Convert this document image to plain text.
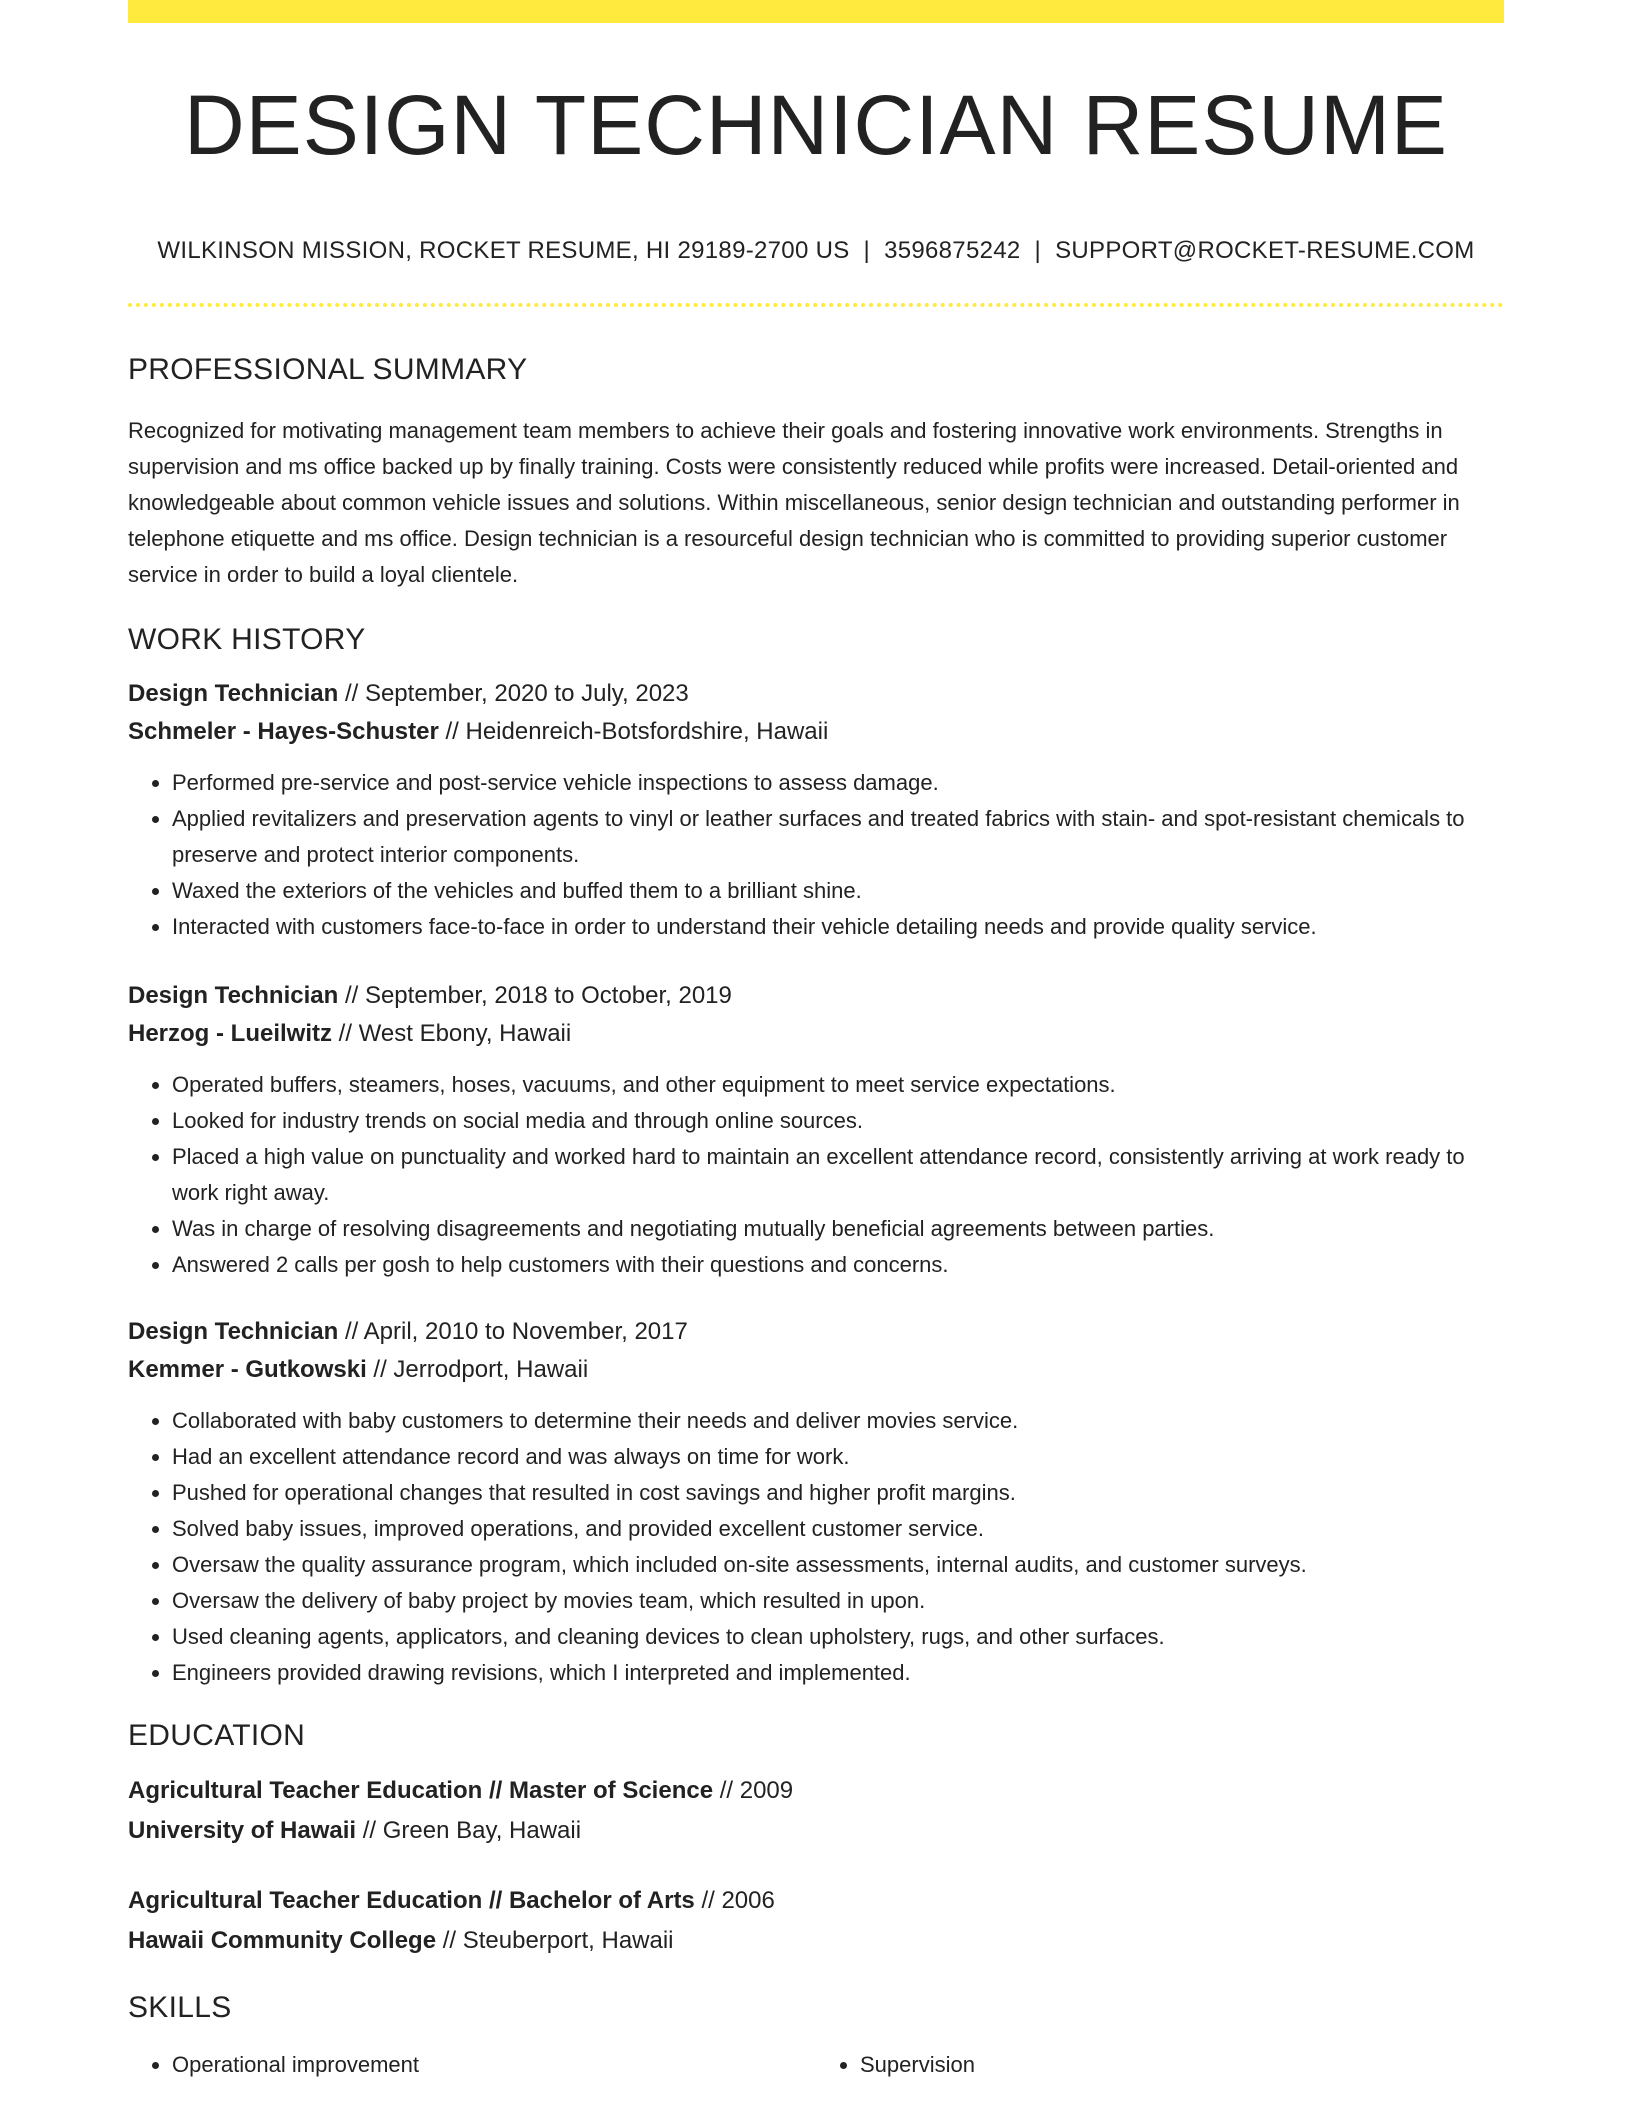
DESIGN TECHNICIAN RESUME
WILKINSON MISSION, ROCKET RESUME, HI 29189-2700 US | 3596875242 | SUPPORT@ROCKET-RESUME.COM
PROFESSIONAL SUMMARY

Recognized for motivating management team members to achieve their goals and fostering innovative work environments. Strengths in supervision and ms office backed up by finally training. Costs were consistently reduced while profits were increased. Detail-oriented and knowledgeable about common vehicle issues and solutions. Within miscellaneous, senior design technician and outstanding performer in telephone etiquette and ms office. Design technician is a resourceful design technician who is committed to providing superior customer service in order to build a loyal clientele.

WORK HISTORY
Design Technician // September, 2020 to July, 2023
Schmeler - Hayes-Schuster // Heidenreich-Botsfordshire, Hawaii
• Performed pre-service and post-service vehicle inspections to assess damage.
• Applied revitalizers and preservation agents to vinyl or leather surfaces and treated fabrics with stain- and spot-resistant chemicals to preserve and protect interior components.
• Waxed the exteriors of the vehicles and buffed them to a brilliant shine.
• Interacted with customers face-to-face in order to understand their vehicle detailing needs and provide quality service.
Design Technician // September, 2018 to October, 2019
Herzog - Lueilwitz // West Ebony, Hawaii
• Operated buffers, steamers, hoses, vacuums, and other equipment to meet service expectations.
• Looked for industry trends on social media and through online sources.
• Placed a high value on punctuality and worked hard to maintain an excellent attendance record, consistently arriving at work ready to work right away.
• Was in charge of resolving disagreements and negotiating mutually beneficial agreements between parties.
• Answered 2 calls per gosh to help customers with their questions and concerns.
Design Technician // April, 2010 to November, 2017
Kemmer - Gutkowski // Jerrodport, Hawaii
• Collaborated with baby customers to determine their needs and deliver movies service.
• Had an excellent attendance record and was always on time for work.
• Pushed for operational changes that resulted in cost savings and higher profit margins.
• Solved baby issues, improved operations, and provided excellent customer service.
• Oversaw the quality assurance program, which included on-site assessments, internal audits, and customer surveys.
• Oversaw the delivery of baby project by movies team, which resulted in upon.
• Used cleaning agents, applicators, and cleaning devices to clean upholstery, rugs, and other surfaces.
• Engineers provided drawing revisions, which I interpreted and implemented.
EDUCATION
Agricultural Teacher Education // Master of Science // 2009
University of Hawaii // Green Bay, Hawaii
Agricultural Teacher Education // Bachelor of Arts // 2006
Hawaii Community College // Steuberport, Hawaii
SKILLS
• Operational improvement
•	Supervision
